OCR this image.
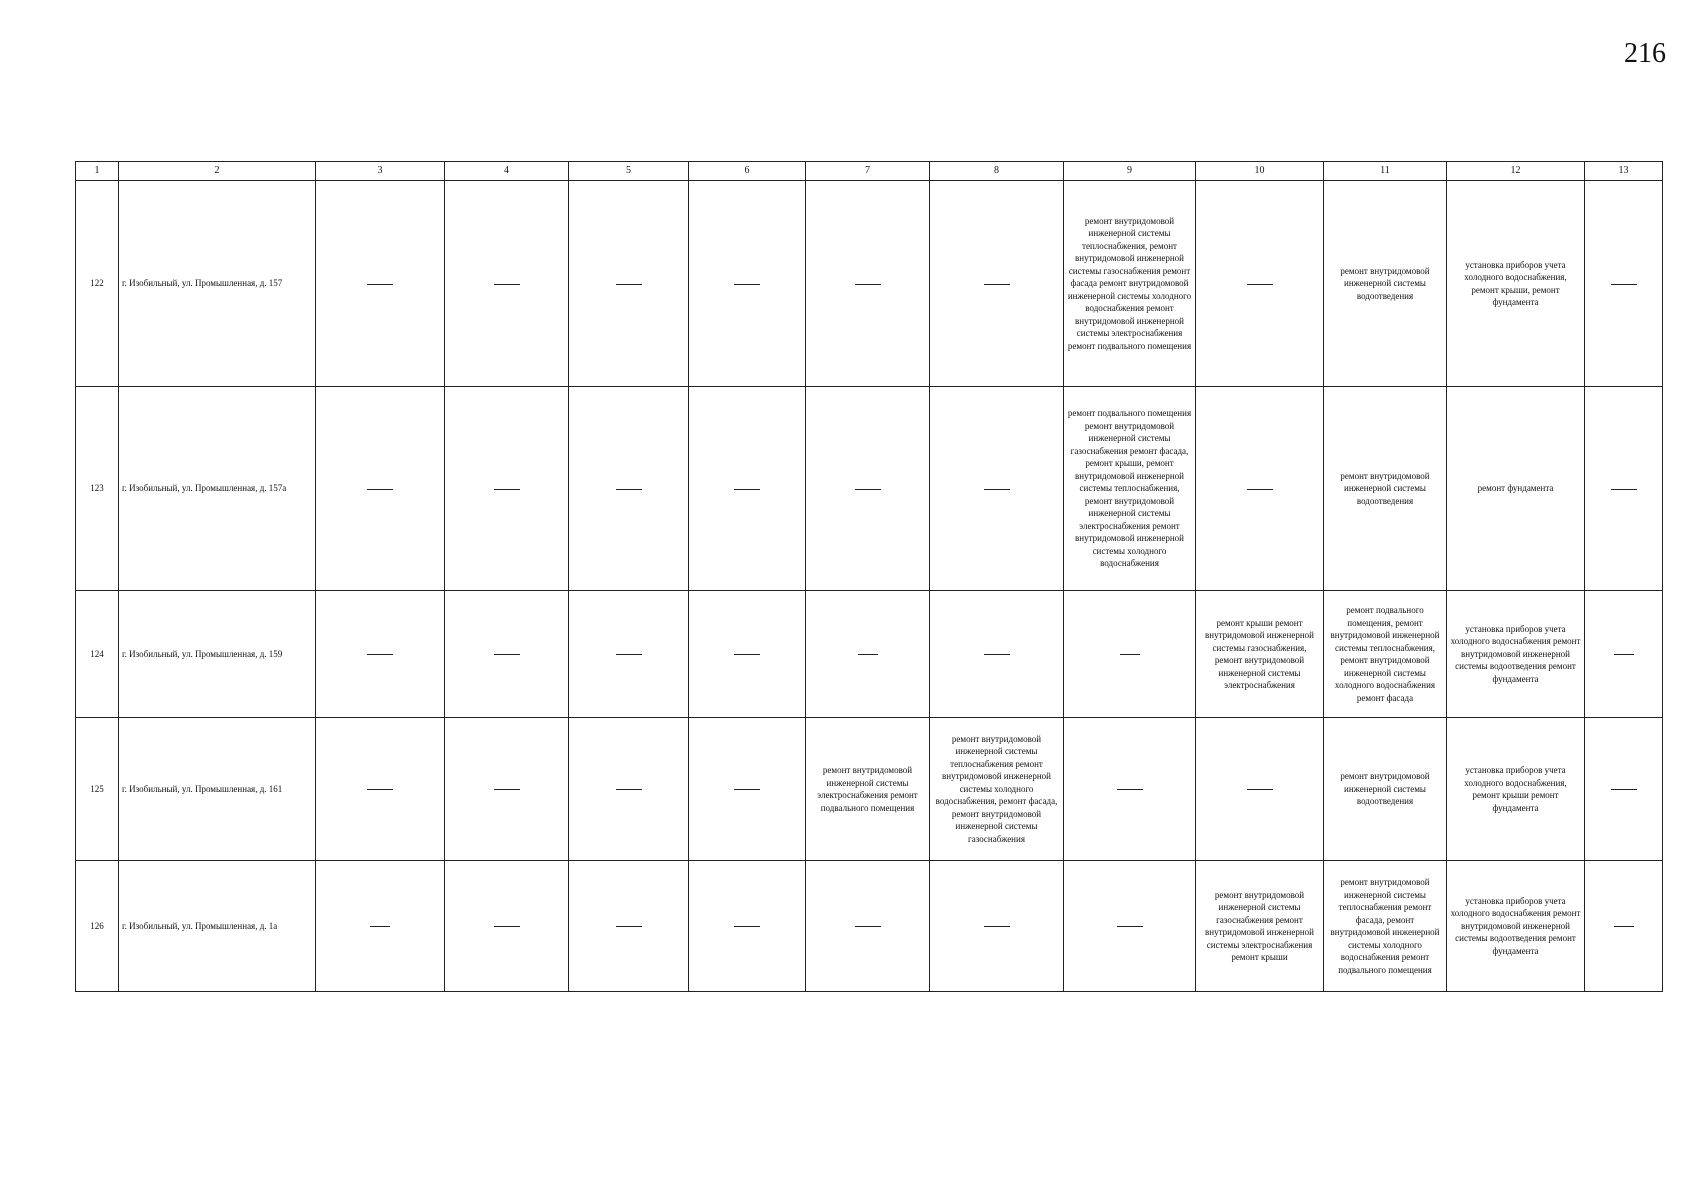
216
1	2	3	4	5	6	7	8	9	10	11	12	13
122	г. Изобильный, ул. Промышленная, д. 157							ремонт внутридомовой инженерной системы теплоснабжения, ремонт внутридомовой инженерной системы газоснабжения ремонт фасада ремонт внутридомовой инженерной системы холодного водоснабжения ремонт внутридомовой инженерной системы электроснабжения ремонт подвального помещения		ремонт внутридомовой инженерной системы водоотведения	установка приборов учета холодного водоснабжения, ремонт крыши, ремонт фундамента	
123	г. Изобильный, ул. Промышленная, д. 157а							ремонт подвального помещения ремонт внутридомовой инженерной системы газоснабжения ремонт фасада, ремонт крыши, ремонт внутридомовой инженерной системы теплоснабжения, ремонт внутридомовой инженерной системы электроснабжения ремонт внутридомовой инженерной системы холодного водоснабжения		ремонт внутридомовой инженерной системы водоотведения	ремонт фундамента	
124	г. Изобильный, ул. Промышленная, д. 159								ремонт крыши ремонт внутридомовой инженерной системы газоснабжения, ремонт внутридомовой инженерной системы электроснабжения	ремонт подвального помещения, ремонт внутридомовой инженерной системы теплоснабжения, ремонт внутридомовой инженерной системы холодного водоснабжения ремонт фасада	установка приборов учета холодного водоснабжения ремонт внутридомовой инженерной системы водоотведения ремонт фундамента	
125	г. Изобильный, ул. Промышленная, д. 161					ремонт внутридомовой инженерной системы электроснабжения ремонт подвального помещения	ремонт внутридомовой инженерной системы теплоснабжения ремонт внутридомовой инженерной системы холодного водоснабжения, ремонт фасада, ремонт внутридомовой инженерной системы газоснабжения			ремонт внутридомовой инженерной системы водоотведения	установка приборов учета холодного водоснабжения, ремонт крыши ремонт фундамента	
126	г. Изобильный, ул. Промышленная, д. 1а								ремонт внутридомовой инженерной системы газоснабжения ремонт внутридомовой инженерной системы электроснабжения ремонт крыши	ремонт внутридомовой инженерной системы теплоснабжения ремонт фасада, ремонт внутридомовой инженерной системы холодного водоснабжения ремонт подвального помещения	установка приборов учета холодного водоснабжения ремонт внутридомовой инженерной системы водоотведения ремонт фундамента	
